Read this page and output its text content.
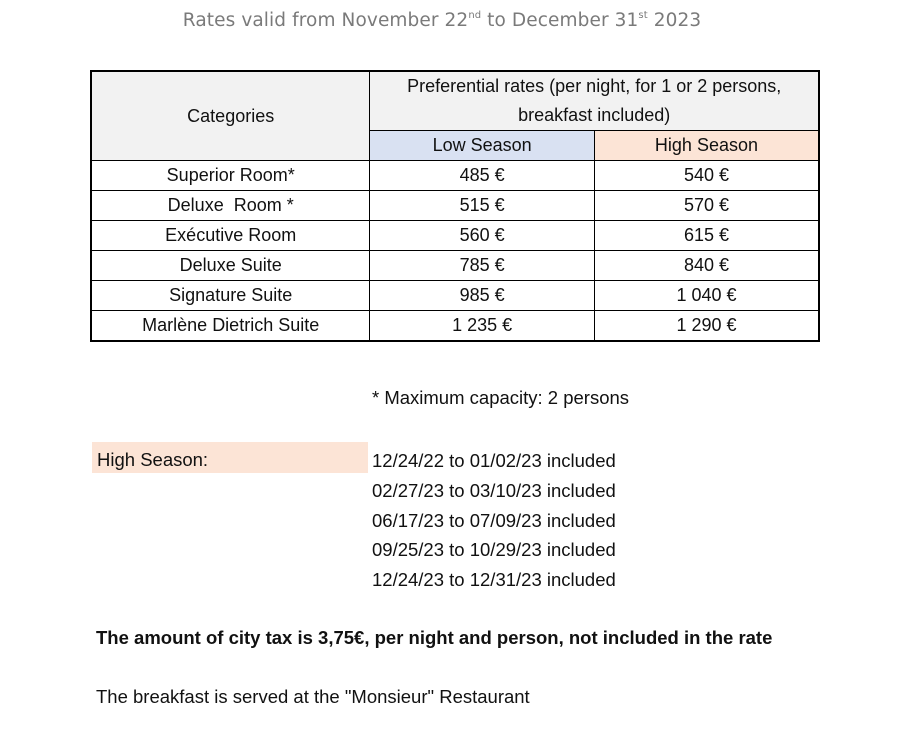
Rates valid from November 22nd to December 31st 2023
Categories	Preferential rates (per night, for 1 or 2 persons,
breakfast included)	

	Low Season	High Season
Superior Room*	485 €	540 €
Deluxe  Room *	515 €	570 €
Exécutive Room	560 €	615 €
Deluxe Suite	785 €	840 €
Signature Suite	985 €	1 040 €
Marlène Dietrich Suite	1 235 €	1 290 €
* Maximum capacity: 2 persons
High Season:	12/24/22 to 01/02/23 included
02/27/23 to 03/10/23 included
06/17/23 to 07/09/23 included
09/25/23 to 10/29/23 included
12/24/23 to 12/31/23 included
The amount of city tax is 3,75€, per night and person, not included in the rate
The breakfast is served at the "Monsieur" Restaurant
